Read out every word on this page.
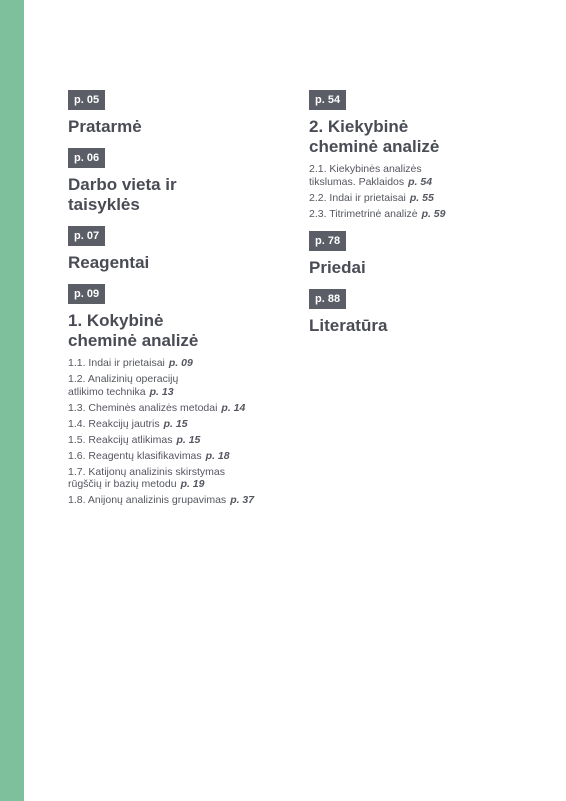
p. 05
Pratarmė
p. 06
Darbo vieta ir
taisyklės
p. 07
Reagentai
p. 09
1. Kokybinė
cheminė analizė
1.1. Indai ir prietaisai p. 09
1.2. Analizinių operacijų
atlikimo technika p. 13
1.3. Cheminės analizės metodai p. 14
1.4. Reakcijų jautris p. 15
1.5. Reakcijų atlikimas p. 15
1.6. Reagentų klasifikavimas p. 18
1.7. Katijonų analizinis skirstymas
rūgščių ir bazių metodu p. 19
1.8. Anijonų analizinis grupavimas p. 37
p. 54
2. Kiekybinė
cheminė analizė
2.1. Kiekybinės analizės
tikslumas. Paklaidos p. 54
2.2. Indai ir prietaisai p. 55
2.3. Titrimetrinė analizė p. 59
p. 78
Priedai
p. 88
Literatūra
